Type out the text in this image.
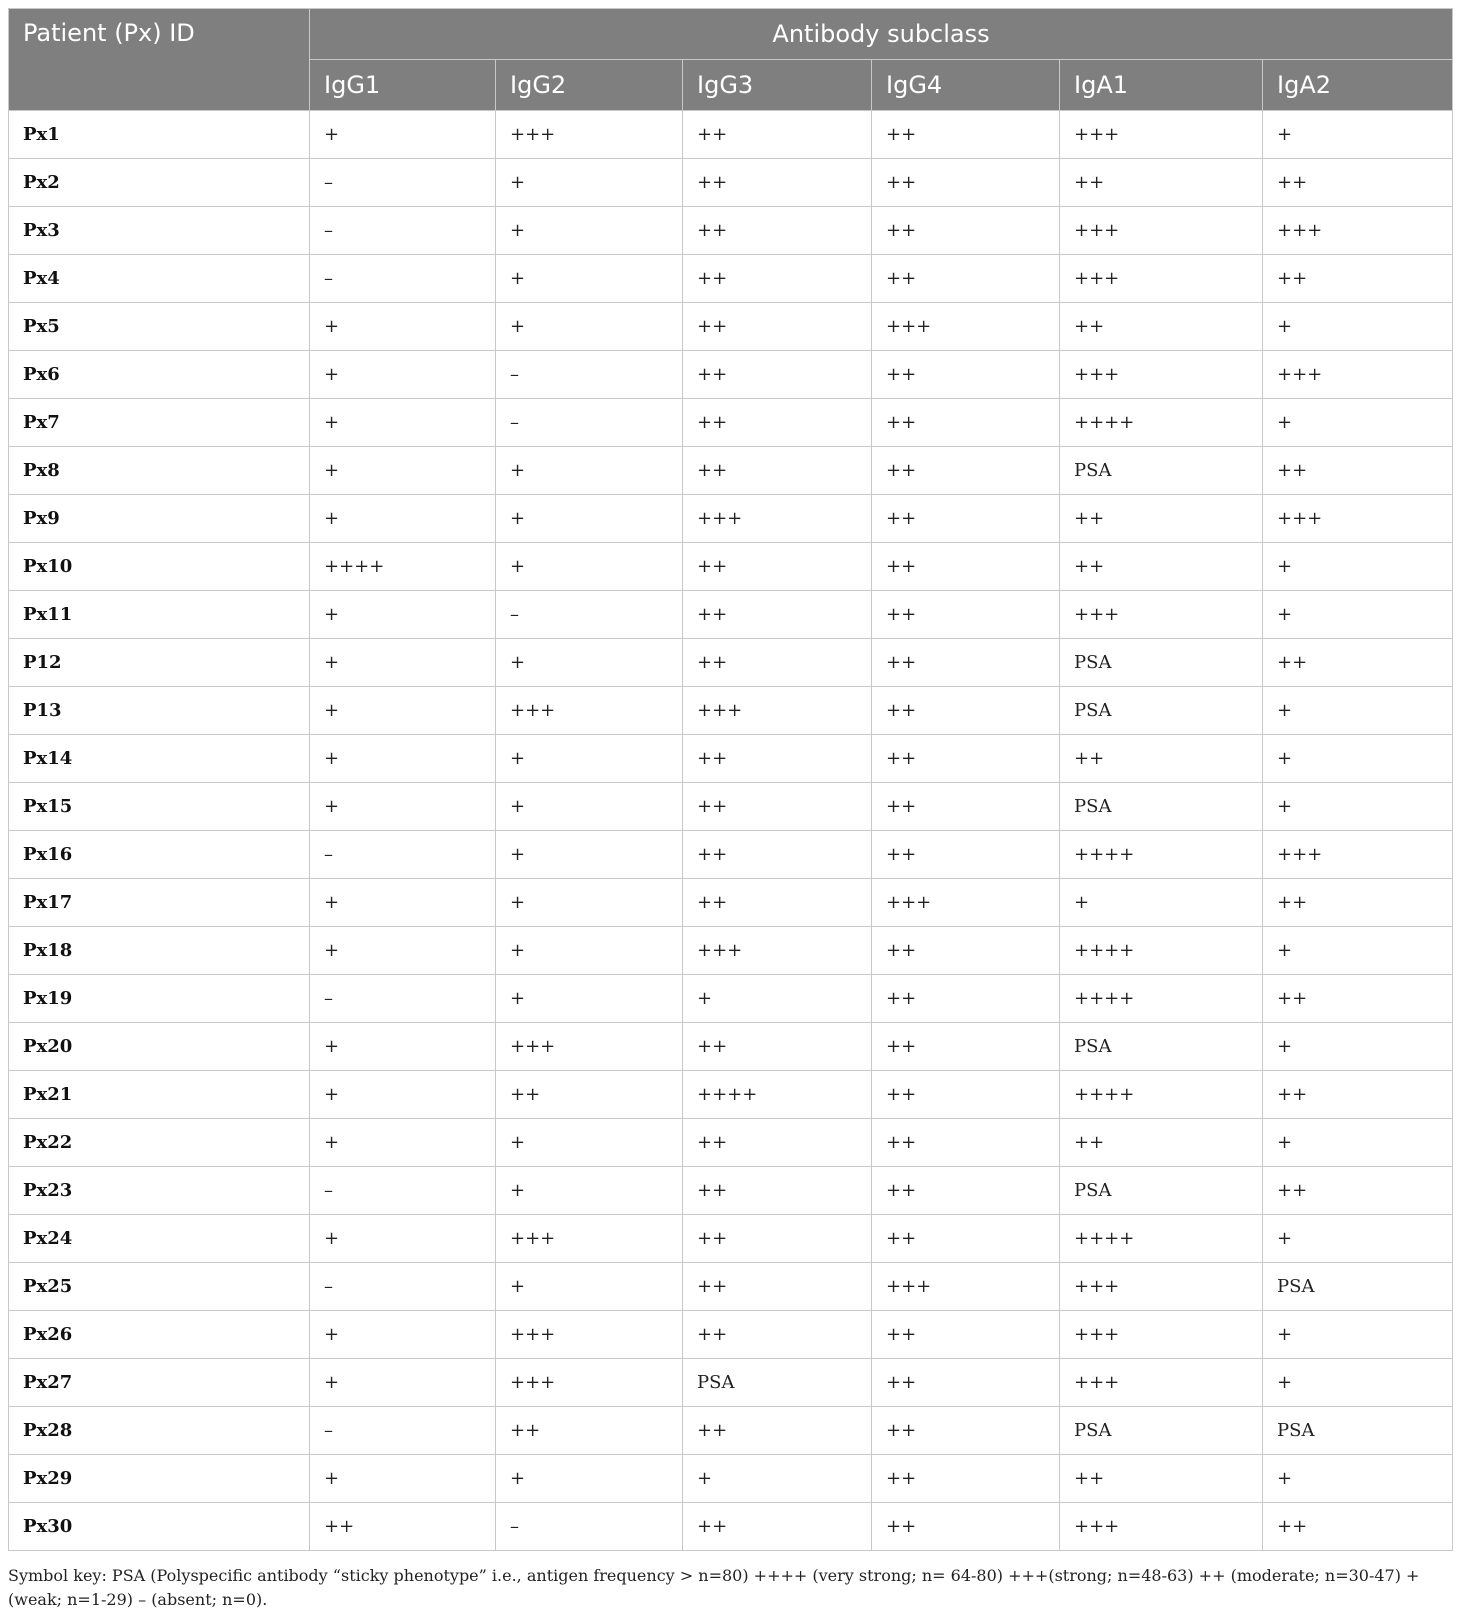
Patient (Px) ID	Antibody subclass					
	IgG1	IgG2	IgG3	IgG4	IgA1	IgA2
Px1	+	+++	++	++	+++	+
Px2	–	+	++	++	++	++
Px3	–	+	++	++	+++	+++
Px4	–	+	++	++	+++	++
Px5	+	+	++	+++	++	+
Px6	+	–	++	++	+++	+++
Px7	+	–	++	++	++++	+
Px8	+	+	++	++	PSA	++
Px9	+	+	+++	++	++	+++
Px10	++++	+	++	++	++	+
Px11	+	–	++	++	+++	+
P12	+	+	++	++	PSA	++
P13	+	+++	+++	++	PSA	+
Px14	+	+	++	++	++	+
Px15	+	+	++	++	PSA	+
Px16	–	+	++	++	++++	+++
Px17	+	+	++	+++	+	++
Px18	+	+	+++	++	++++	+
Px19	–	+	+	++	++++	++
Px20	+	+++	++	++	PSA	+
Px21	+	++	++++	++	++++	++
Px22	+	+	++	++	++	+
Px23	–	+	++	++	PSA	++
Px24	+	+++	++	++	++++	+
Px25	–	+	++	+++	+++	PSA
Px26	+	+++	++	++	+++	+
Px27	+	+++	PSA	++	+++	+
Px28	–	++	++	++	PSA	PSA
Px29	+	+	+	++	++	+
Px30	++	–	++	++	+++	++
Symbol key: PSA (Polyspecific antibody “sticky phenotype” i.e., antigen frequency > n=80) ++++ (very strong; n= 64-80) +++(strong; n=48-63) ++ (moderate; n=30-47) + (weak; n=1-29) – (absent; n=0).
